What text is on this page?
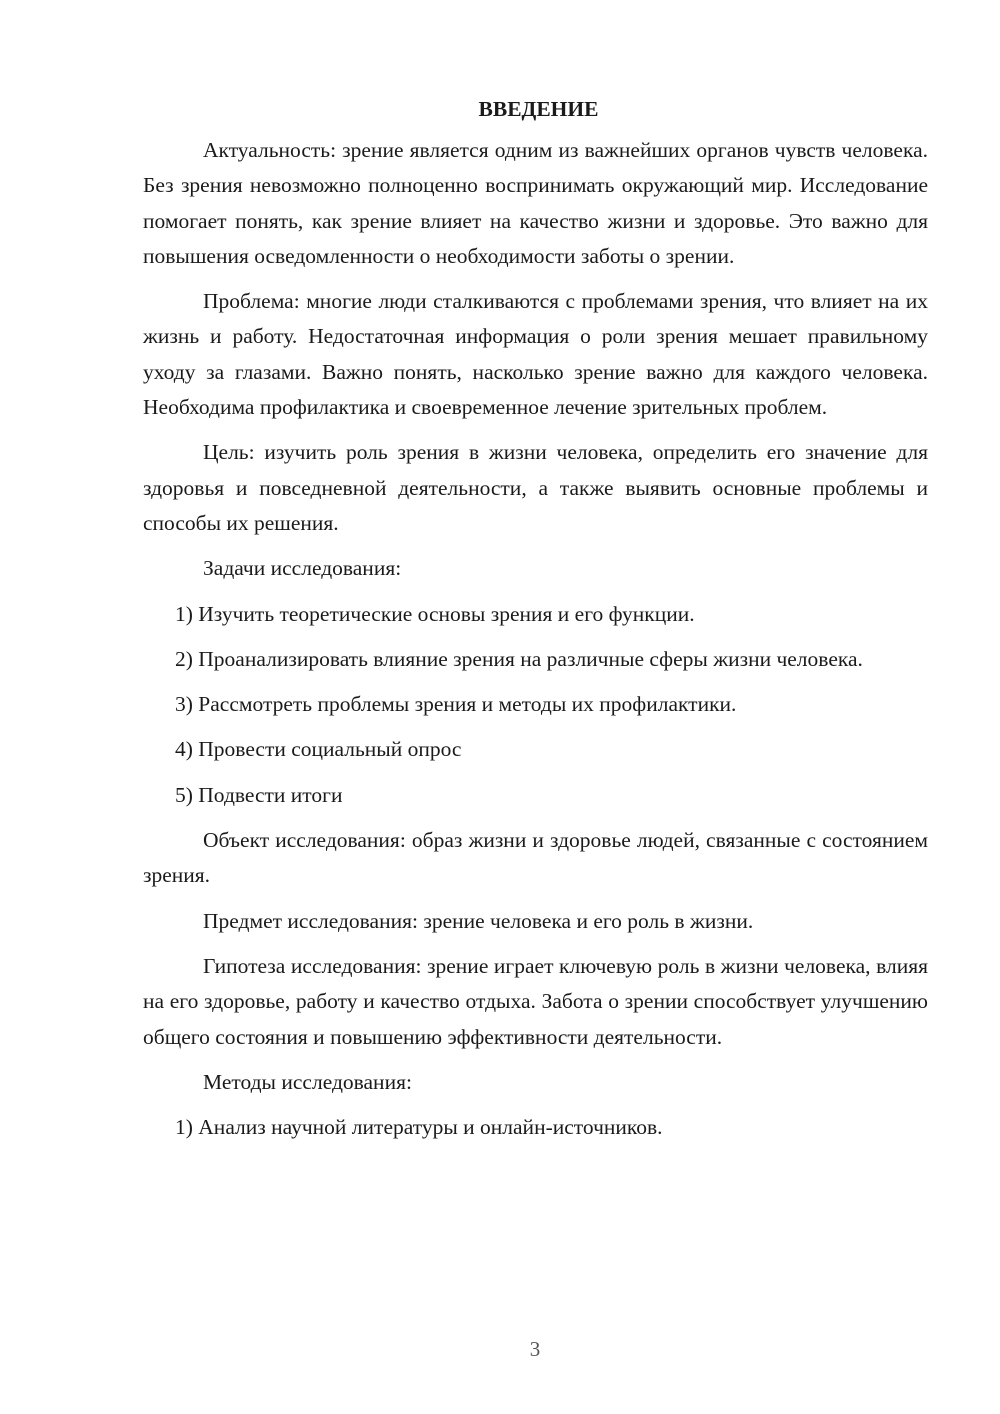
ВВЕДЕНИЕ

Актуальность: зрение является одним из важнейших органов чувств человека. Без зрения невозможно полноценно воспринимать окружающий мир. Исследование помогает понять, как зрение влияет на качество жизни и здоровье. Это важно для повышения осведомленности о необходимости заботы о зрении.

Проблема: многие люди сталкиваются с проблемами зрения, что влияет на их жизнь и работу. Недостаточная информация о роли зрения мешает правильному уходу за глазами. Важно понять, насколько зрение важно для каждого человека. Необходима профилактика и своевременное лечение зрительных проблем.

Цель: изучить роль зрения в жизни человека, определить его значение для здоровья и повседневной деятельности, а также выявить основные проблемы и способы их решения.

Задачи исследования:

1) Изучить теоретические основы зрения и его функции.

2) Проанализировать влияние зрения на различные сферы жизни человека.

3) Рассмотреть проблемы зрения и методы их профилактики.

4) Провести социальный опрос

5) Подвести итоги

Объект исследования: образ жизни и здоровье людей, связанные с состоянием зрения.

Предмет исследования: зрение человека и его роль в жизни.

Гипотеза исследования: зрение играет ключевую роль в жизни человека, влияя на его здоровье, работу и качество отдыха. Забота о зрении способствует улучшению общего состояния и повышению эффективности деятельности.

Методы исследования:

1) Анализ научной литературы и онлайн-источников.

3
